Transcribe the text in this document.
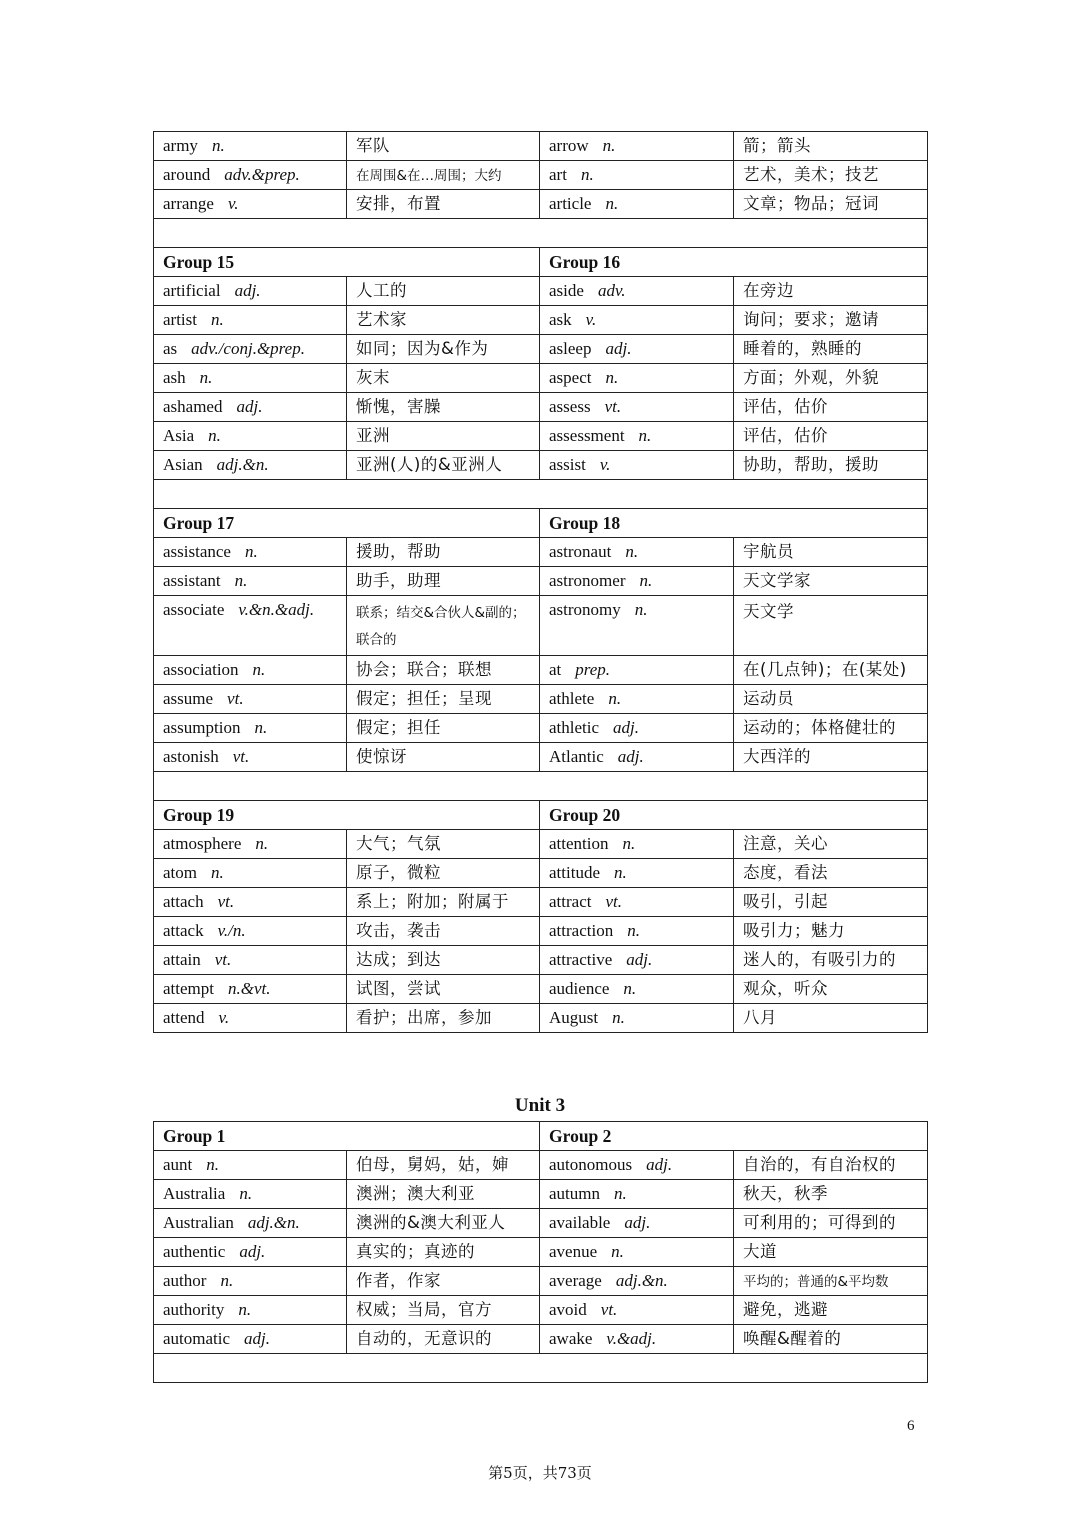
army n.	军队	arrow n.	箭；箭头
around adv.&prep.	在周围&在…周围；大约	art n.	艺术，美术；技艺
arrange v.	安排，布置	article n.	文章；物品；冠词

Group 15		Group 16	
artificial adj.	人工的	aside adv.	在旁边
artist n.	艺术家	ask v.	询问；要求；邀请
as adv./conj.&prep.	如同；因为&作为	asleep adj.	睡着的，熟睡的
ash n.	灰末	aspect n.	方面；外观，外貌
ashamed adj.	惭愧，害臊	assess vt.	评估，估价
Asia n.	亚洲	assessment n.	评估，估价
Asian adj.&n.	亚洲(人)的&亚洲人	assist v.	协助，帮助，援助

Group 17		Group 18	
assistance n.	援助，帮助	astronaut n.	宇航员
assistant n.	助手，助理	astronomer n.	天文学家
associate v.&n.&adj.	联系；结交&合伙人&副的；联合的	astronomy n.	天文学
association n.	协会；联合；联想	at prep.	在(几点钟)；在(某处)
assume vt.	假定；担任；呈现	athlete n.	运动员
assumption n.	假定；担任	athletic adj.	运动的；体格健壮的
astonish vt.	使惊讶	Atlantic adj.	大西洋的

Group 19		Group 20	
atmosphere n.	大气；气氛	attention n.	注意，关心
atom n.	原子，微粒	attitude n.	态度，看法
attach vt.	系上；附加；附属于	attract vt.	吸引，引起
attack v./n.	攻击，袭击	attraction n.	吸引力；魅力
attain vt.	达成；到达	attractive adj.	迷人的，有吸引力的
attempt n.&vt.	试图，尝试	audience n.	观众，听众
attend v.	看护；出席，参加	August n.	八月
Unit 3
Group 1		Group 2	
aunt n.	伯母，舅妈，姑，婶	autonomous adj.	自治的，有自治权的
Australia n.	澳洲；澳大利亚	autumn n.	秋天，秋季
Australian adj.&n.	澳洲的&澳大利亚人	available adj.	可利用的；可得到的
authentic adj.	真实的；真迹的	avenue n.	大道
author n.	作者，作家	average adj.&n.	平均的；普通的&平均数
authority n.	权威；当局，官方	avoid vt.	避免，逃避
automatic adj.	自动的，无意识的	awake v.&adj.	唤醒&醒着的

6
第5页，共73页
